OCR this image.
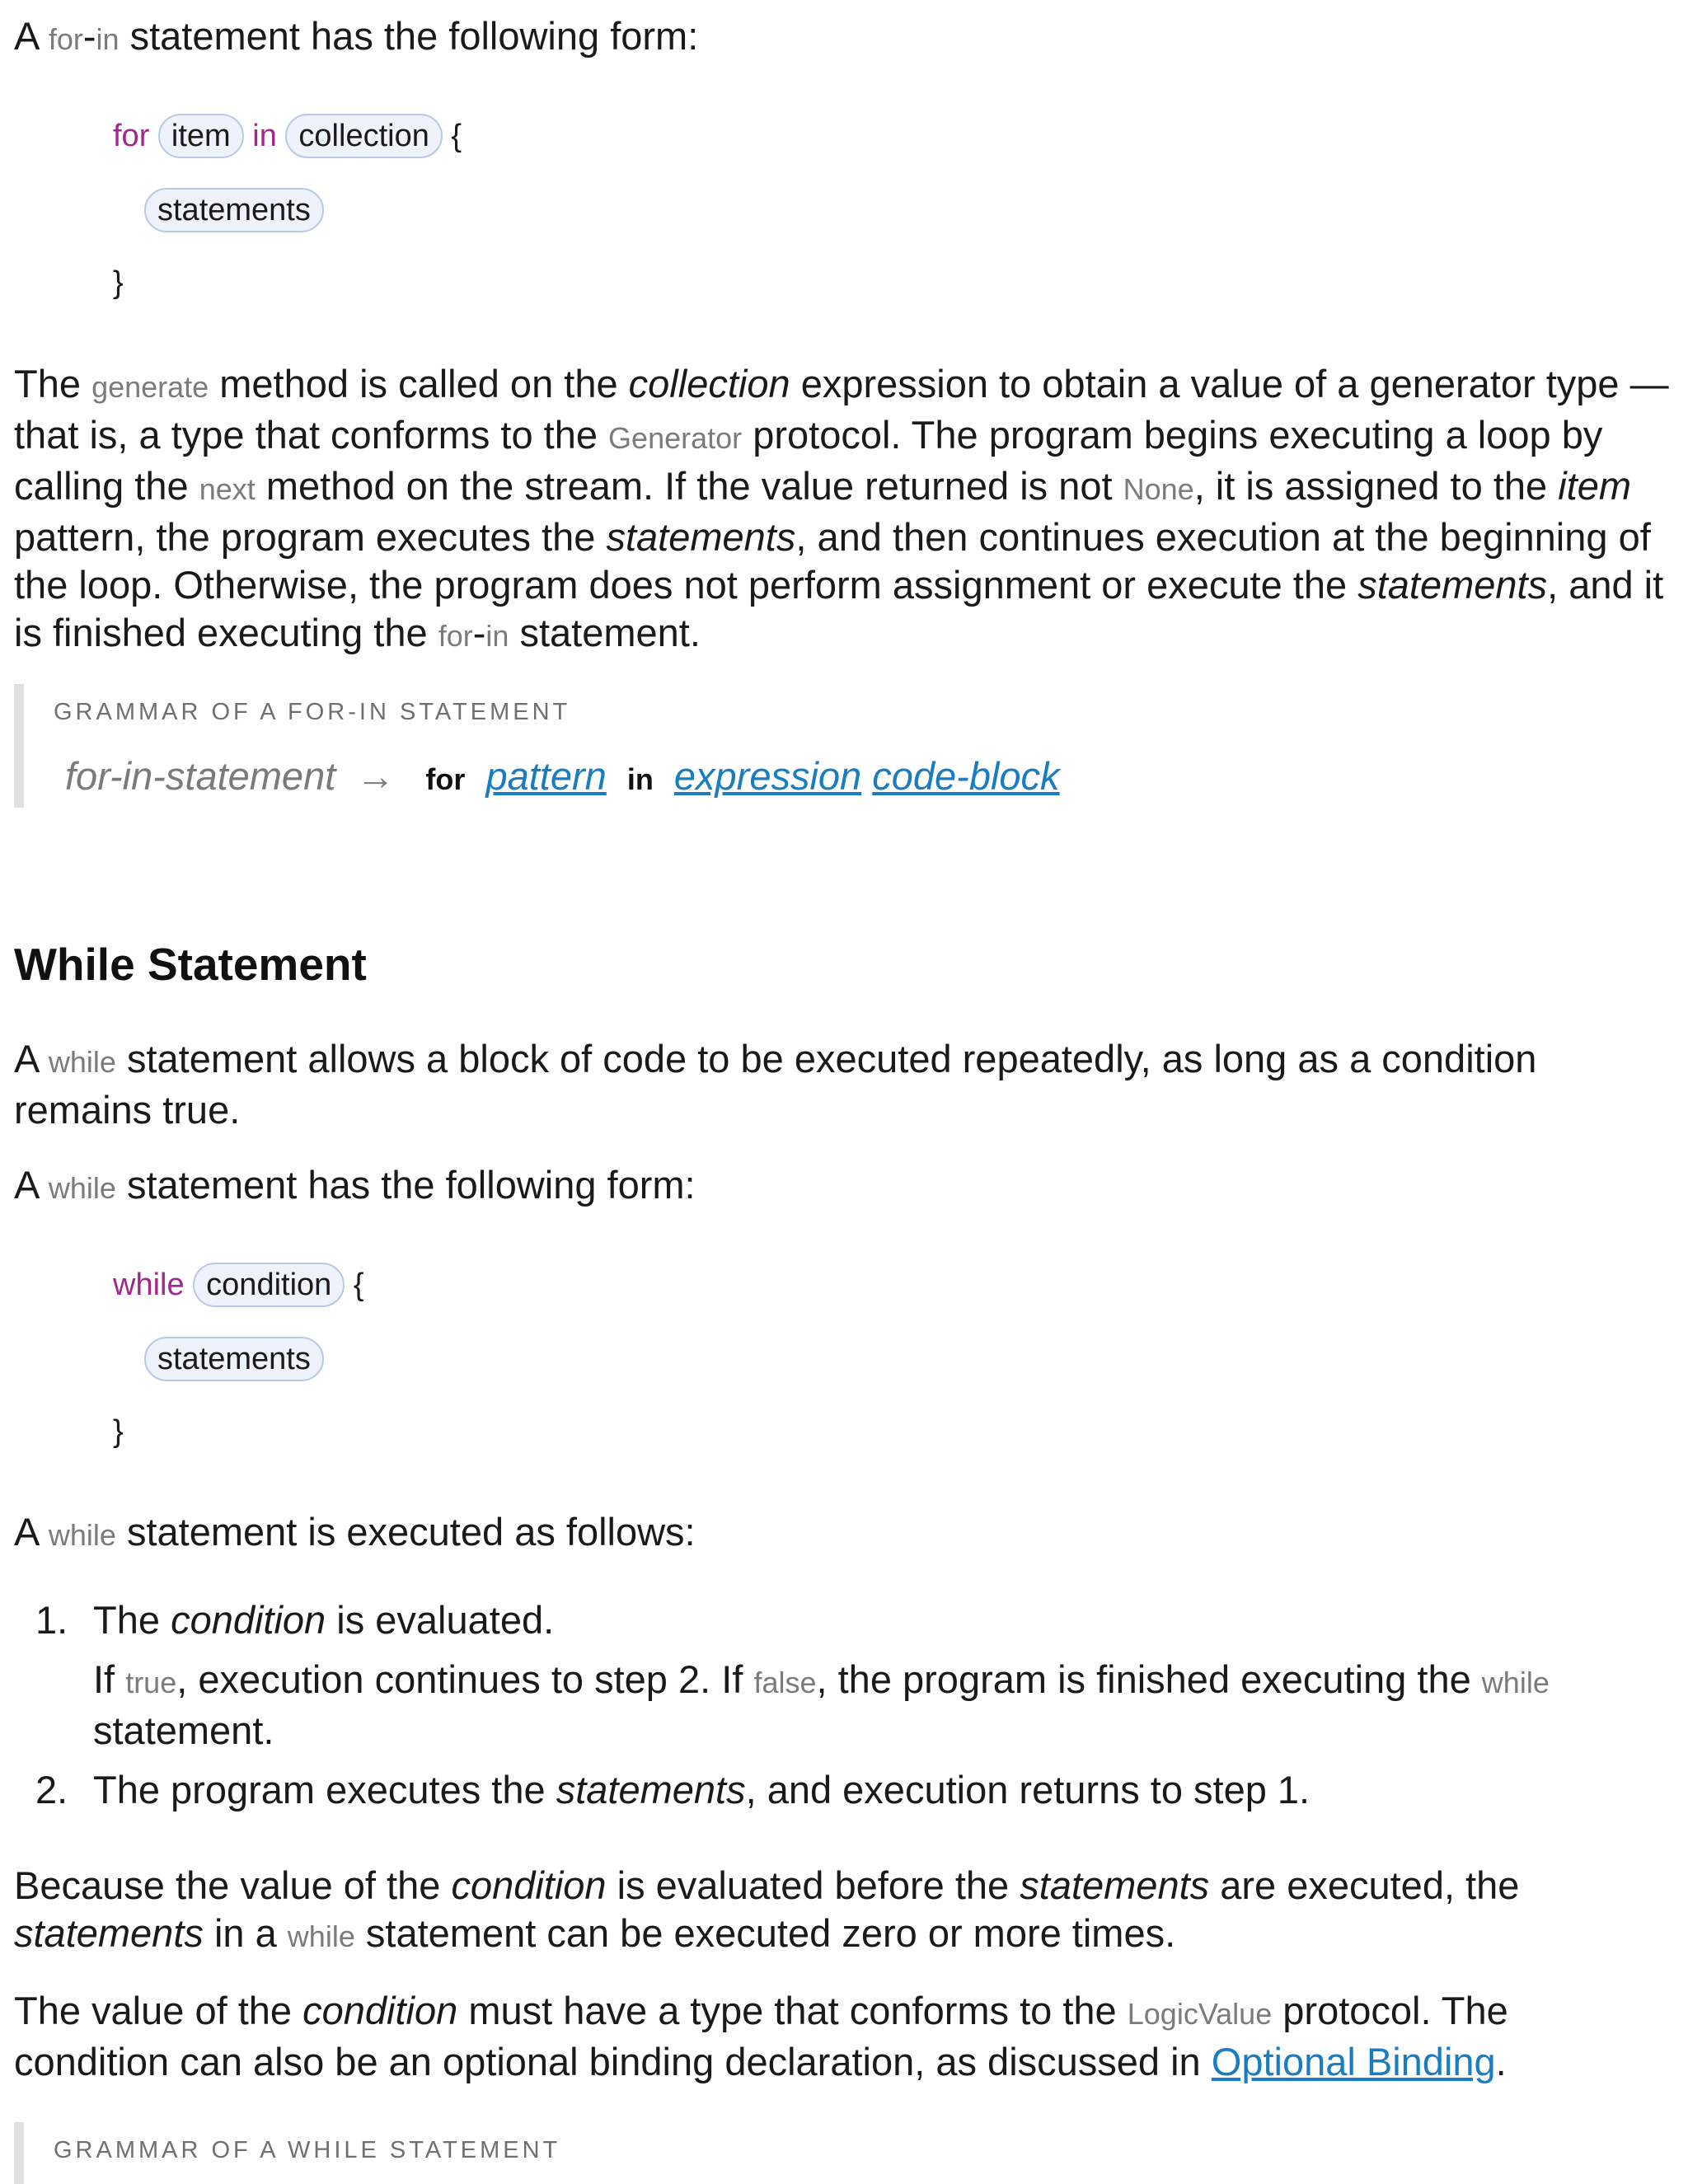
A for-in statement has the following form:

for item in collection {
statements
}

The generate method is called on the collection expression to obtain a value of a generator type —that is, a type that conforms to the Generator protocol. The program begins executing a loop by calling the next method on the stream. If the value returned is not None, it is assigned to the item pattern, the program executes the statements, and then continues execution at the beginning of the loop. Otherwise, the program does not perform assignment or execute the statements, and it is finished executing the for-in statement.

GRAMMAR OF A FOR-IN STATEMENT
for-in-statement → for pattern in expression code-block
While Statement

A while statement allows a block of code to be executed repeatedly, as long as a condition remains true.

A while statement has the following form:

while condition {
statements
}

A while statement is executed as follows:

1. The condition is evaluated.
If true, execution continues to step 2. If false, the program is finished executing the while statement.
2. The program executes the statements, and execution returns to step 1.

Because the value of the condition is evaluated before the statements are executed, the statements in a while statement can be executed zero or more times.

The value of the condition must have a type that conforms to the LogicValue protocol. The condition can also be an optional binding declaration, as discussed in Optional Binding.

GRAMMAR OF A WHILE STATEMENT
